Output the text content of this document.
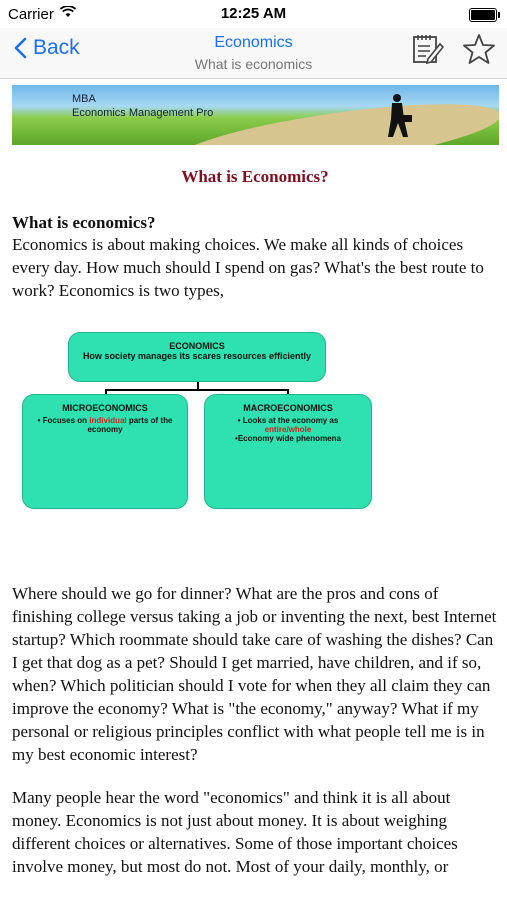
Carrier	12:25 AM
Back	Economics
What is economics
MBA
Economics Management Pro
What is Economics?
What is economics?

Economics is about making choices. We make all kinds of choices every day. How much should I spend on gas? What's the best route to work? Economics is two types,

ECONOMICS
How society manages its scares resources efficiently
MICROECONOMICS
• Focuses on individual parts of the economy
MACROECONOMICS
• Looks at the economy as
entire/whole
•Economy wide phenomena

Where should we go for dinner? What are the pros and cons of finishing college versus taking a job or inventing the next, best Internet startup? Which roommate should take care of washing the dishes? Can I get that dog as a pet? Should I get married, have children, and if so, when? Which politician should I vote for when they all claim they can improve the economy? What is "the economy," anyway? What if my personal or religious principles conflict with what people tell me is in my best economic interest?

Many people hear the word "economics" and think it is all about money. Economics is not just about money. It is about weighing different choices or alternatives. Some of those important choices involve money, but most do not. Most of your daily, monthly, or
